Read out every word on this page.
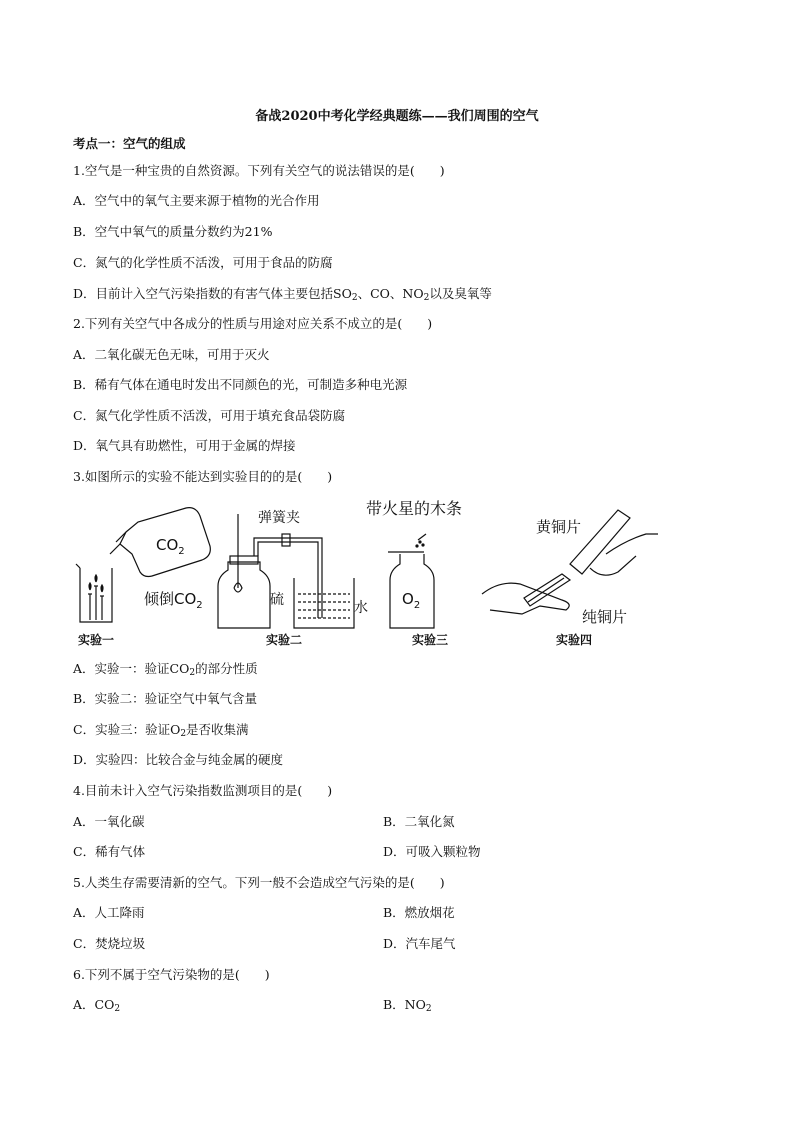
备战2020中考化学经典题练——我们周围的空气
考点一：空气的组成
1.空气是一种宝贵的自然资源。下列有关空气的说法错误的是(　　)
A．空气中的氧气主要来源于植物的光合作用
B．空气中氧气的质量分数约为21%
C．氮气的化学性质不活泼，可用于食品的防腐
D．目前计入空气污染指数的有害气体主要包括$SO_2$、CO、$NO_2$以及臭氧等
2.下列有关空气中各成分的性质与用途对应关系不成立的是(　　)
A．二氧化碳无色无味，可用于灭火
B．稀有气体在通电时发出不同颜色的光，可制造多种电光源
C．氮气化学性质不活泼，可用于填充食品袋防腐
D．氧气具有助燃性，可用于金属的焊接
3.如图所示的实验不能达到实验目的的是(　　)
$CO_2$
倾倒$CO_2$
弹簧夹
硫	水
带火星的木条
$O_2$
黄铜片
纯铜片
实验一	实验二	实验三	实验四
A．实验一：验证$CO_2$的部分性质
B．实验二：验证空气中氧气含量
C．实验三：验证$O_2$是否收集满
D．实验四：比较合金与纯金属的硬度
4.目前未计入空气污染指数监测项目的是(　　)
A．一氧化碳	B．二氧化氮
C．稀有气体	D．可吸入颗粒物
5.人类生存需要清新的空气。下列一般不会造成空气污染的是(　　)
A．人工降雨	B．燃放烟花
C．焚烧垃圾	D．汽车尾气
6.下列不属于空气污染物的是(　　)
A．$CO_2$	B．$NO_2$
